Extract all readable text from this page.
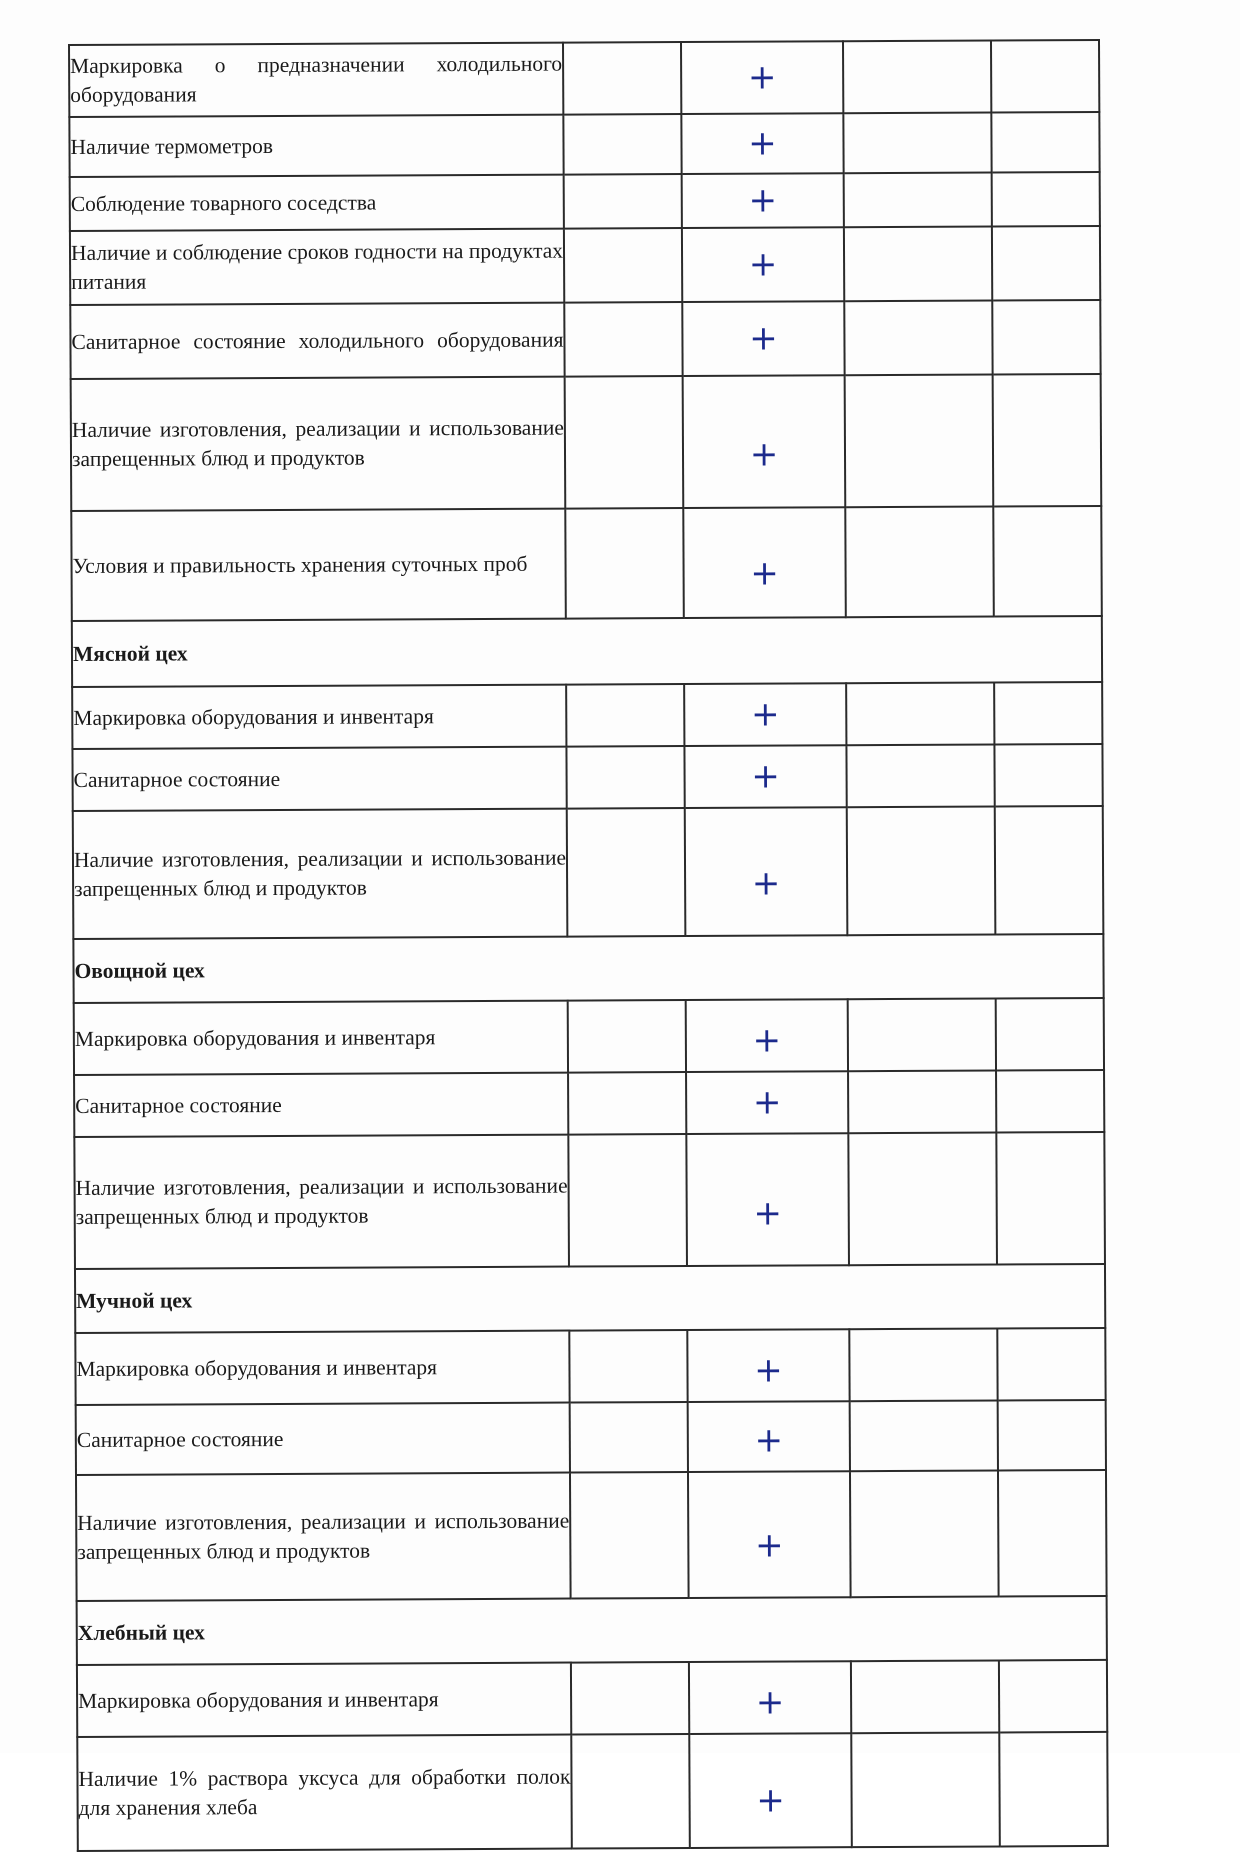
Маркировка о предназначении холодильного оборудования		+		
Наличие термометров		+		
Соблюдение товарного соседства		+		
Наличие и соблюдение сроков годности на продуктах питания		+		
Санитарное состояние холодильного оборудования		+		
Наличие изготовления, реализации и использование запрещенных блюд и продуктов		+		
Условия и правильность хранения суточных проб		+		
Мясной цех				
Маркировка оборудования и инвентаря		+		
Санитарное состояние		+		
Наличие изготовления, реализации и использование запрещенных блюд и продуктов		+		
Овощной цех				
Маркировка оборудования и инвентаря		+		
Санитарное состояние		+		
Наличие изготовления, реализации и использование запрещенных блюд и продуктов		+		
Мучной цех				
Маркировка оборудования и инвентаря		+		
Санитарное состояние		+		
Наличие изготовления, реализации и использование запрещенных блюд и продуктов		+		
Хлебный цех				
Маркировка оборудования и инвентаря		+		
Наличие 1% раствора уксуса для обработки полок для хранения хлеба		+		
